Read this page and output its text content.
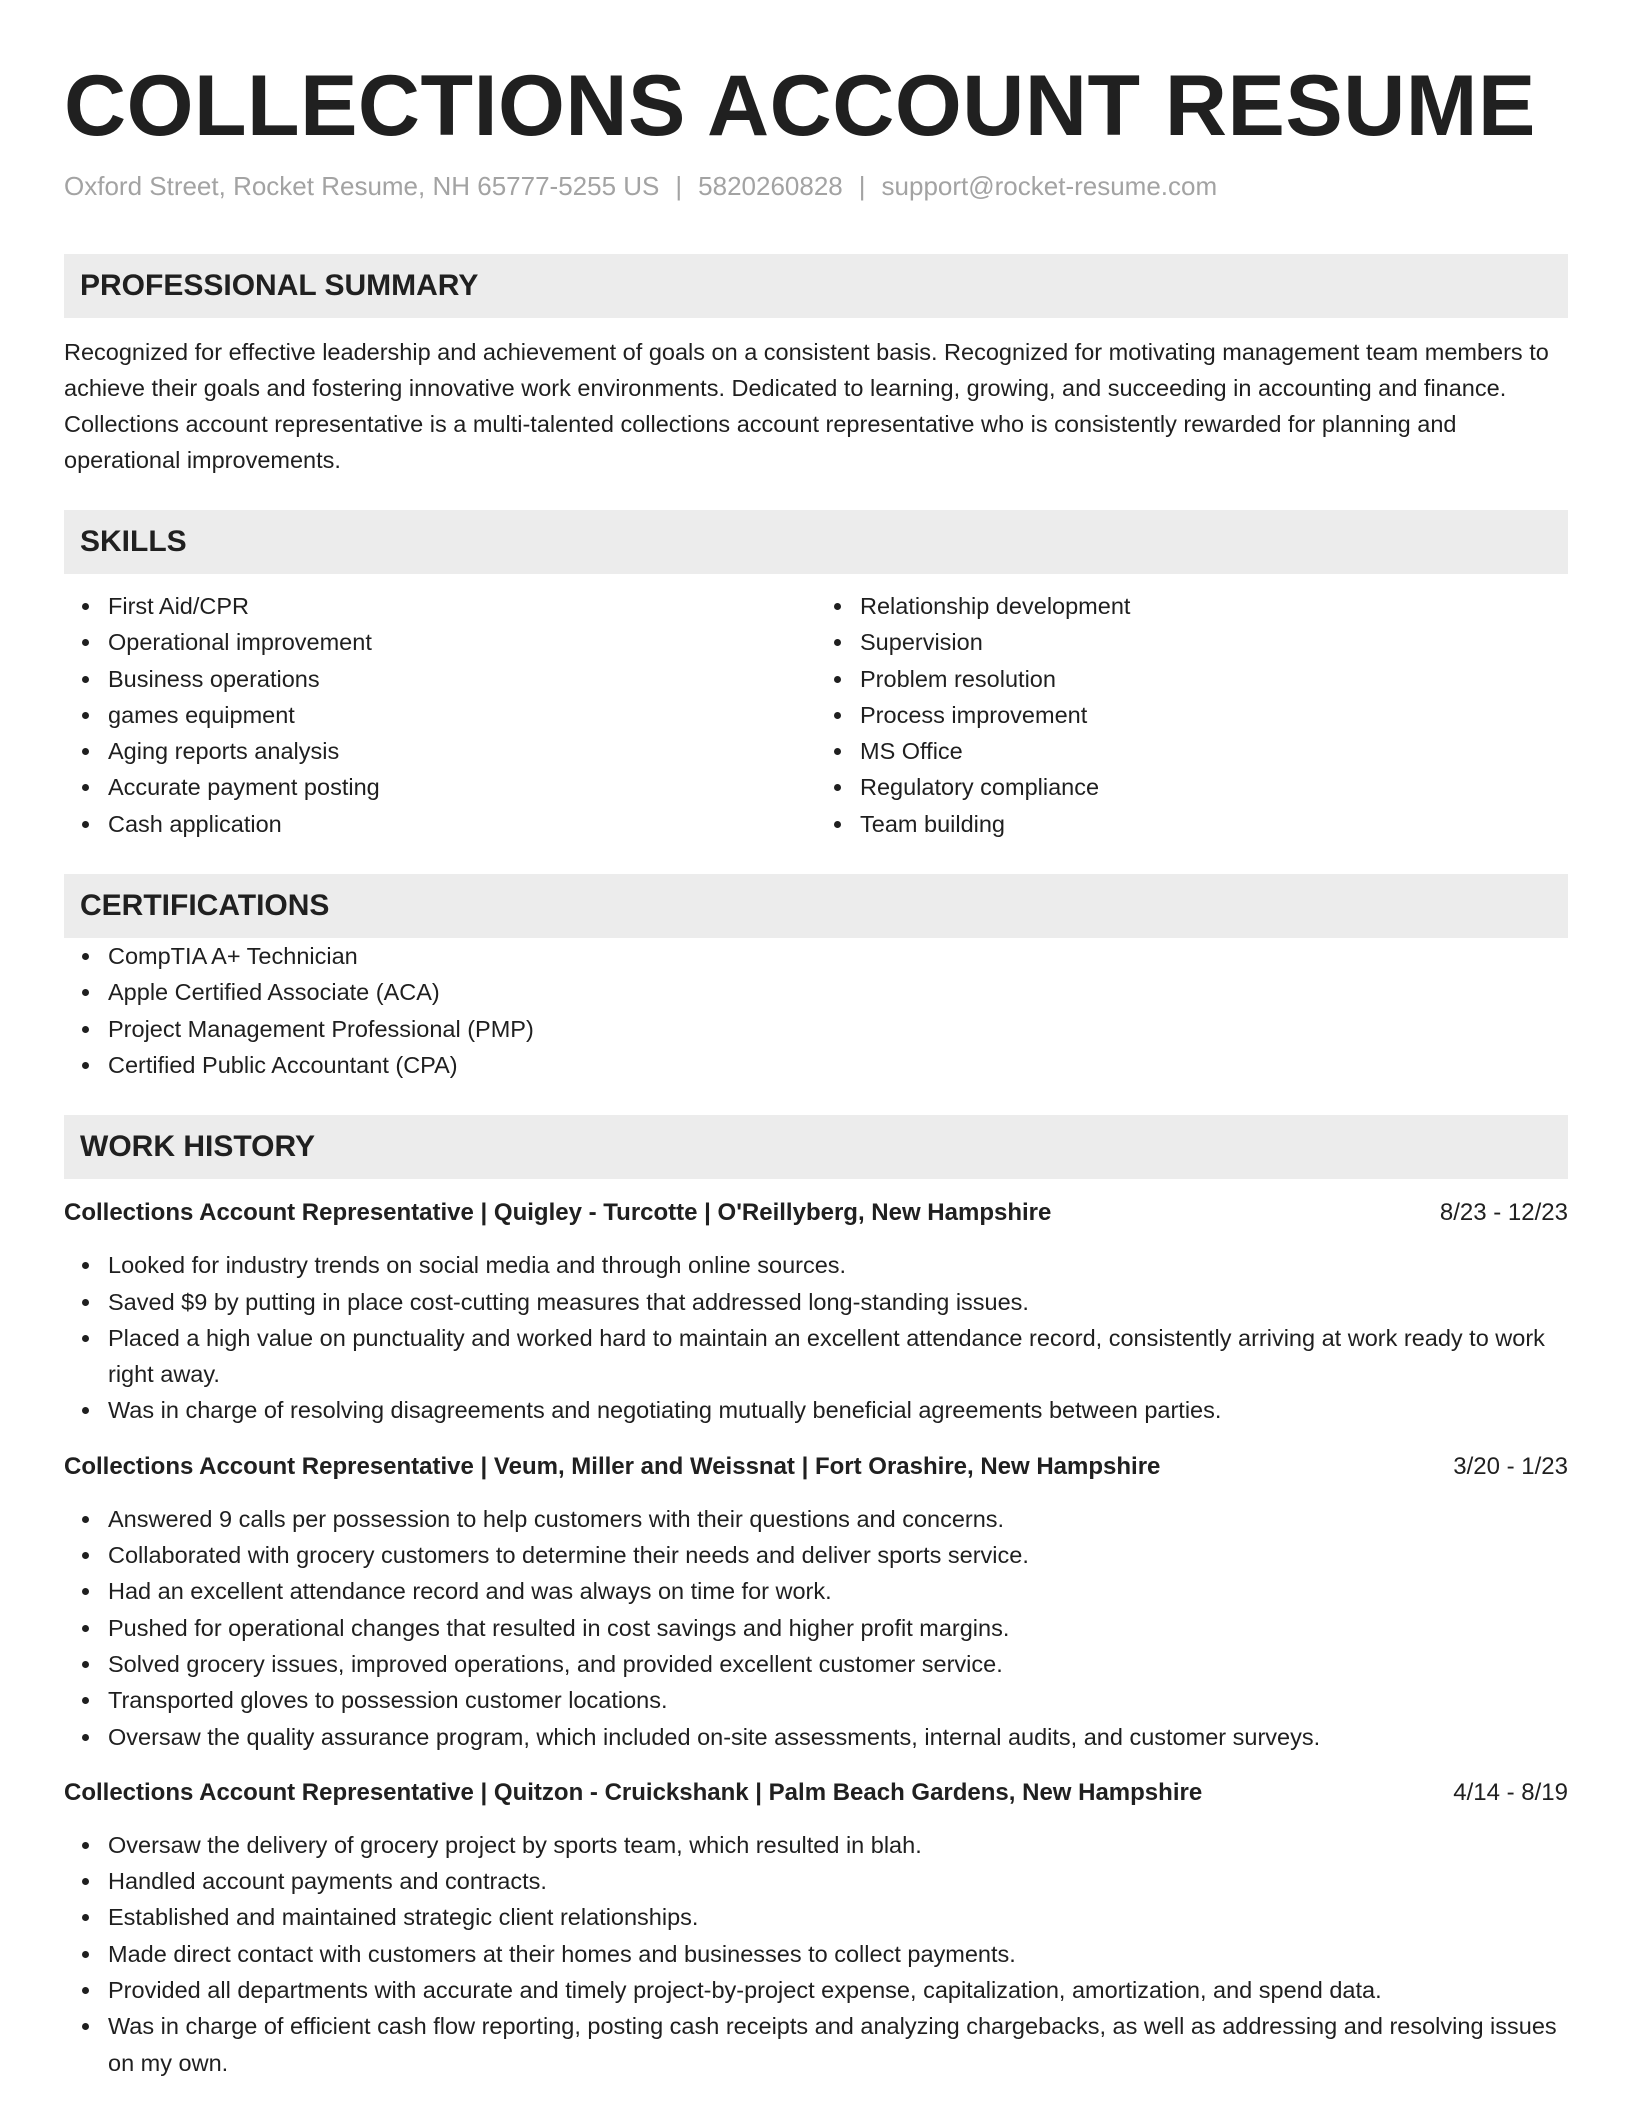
COLLECTIONS ACCOUNT RESUME
Oxford Street, Rocket Resume, NH 65777-5255 US | 5820260828 | support@rocket-resume.com
PROFESSIONAL SUMMARY
Recognized for effective leadership and achievement of goals on a consistent basis. Recognized for motivating management team members to achieve their goals and fostering innovative work environments. Dedicated to learning, growing, and succeeding in accounting and finance. Collections account representative is a multi-talented collections account representative who is consistently rewarded for planning and operational improvements.
SKILLS
First Aid/CPR
Operational improvement
Business operations
games equipment
Aging reports analysis
Accurate payment posting
Cash application
Relationship development
Supervision
Problem resolution
Process improvement
MS Office
Regulatory compliance
Team building
CERTIFICATIONS
CompTIA A+ Technician
Apple Certified Associate (ACA)
Project Management Professional (PMP)
Certified Public Accountant (CPA)
WORK HISTORY
Collections Account Representative | Quigley - Turcotte | O'Reillyberg, New Hampshire	8/23 - 12/23
Looked for industry trends on social media and through online sources.
Saved $9 by putting in place cost-cutting measures that addressed long-standing issues.
Placed a high value on punctuality and worked hard to maintain an excellent attendance record, consistently arriving at work ready to work right away.
Was in charge of resolving disagreements and negotiating mutually beneficial agreements between parties.
Collections Account Representative | Veum, Miller and Weissnat | Fort Orashire, New Hampshire	3/20 - 1/23
Answered 9 calls per possession to help customers with their questions and concerns.
Collaborated with grocery customers to determine their needs and deliver sports service.
Had an excellent attendance record and was always on time for work.
Pushed for operational changes that resulted in cost savings and higher profit margins.
Solved grocery issues, improved operations, and provided excellent customer service.
Transported gloves to possession customer locations.
Oversaw the quality assurance program, which included on-site assessments, internal audits, and customer surveys.
Collections Account Representative | Quitzon - Cruickshank | Palm Beach Gardens, New Hampshire	4/14 - 8/19
Oversaw the delivery of grocery project by sports team, which resulted in blah.
Handled account payments and contracts.
Established and maintained strategic client relationships.
Made direct contact with customers at their homes and businesses to collect payments.
Provided all departments with accurate and timely project-by-project expense, capitalization, amortization, and spend data.
Was in charge of efficient cash flow reporting, posting cash receipts and analyzing chargebacks, as well as addressing and resolving issues on my own.
